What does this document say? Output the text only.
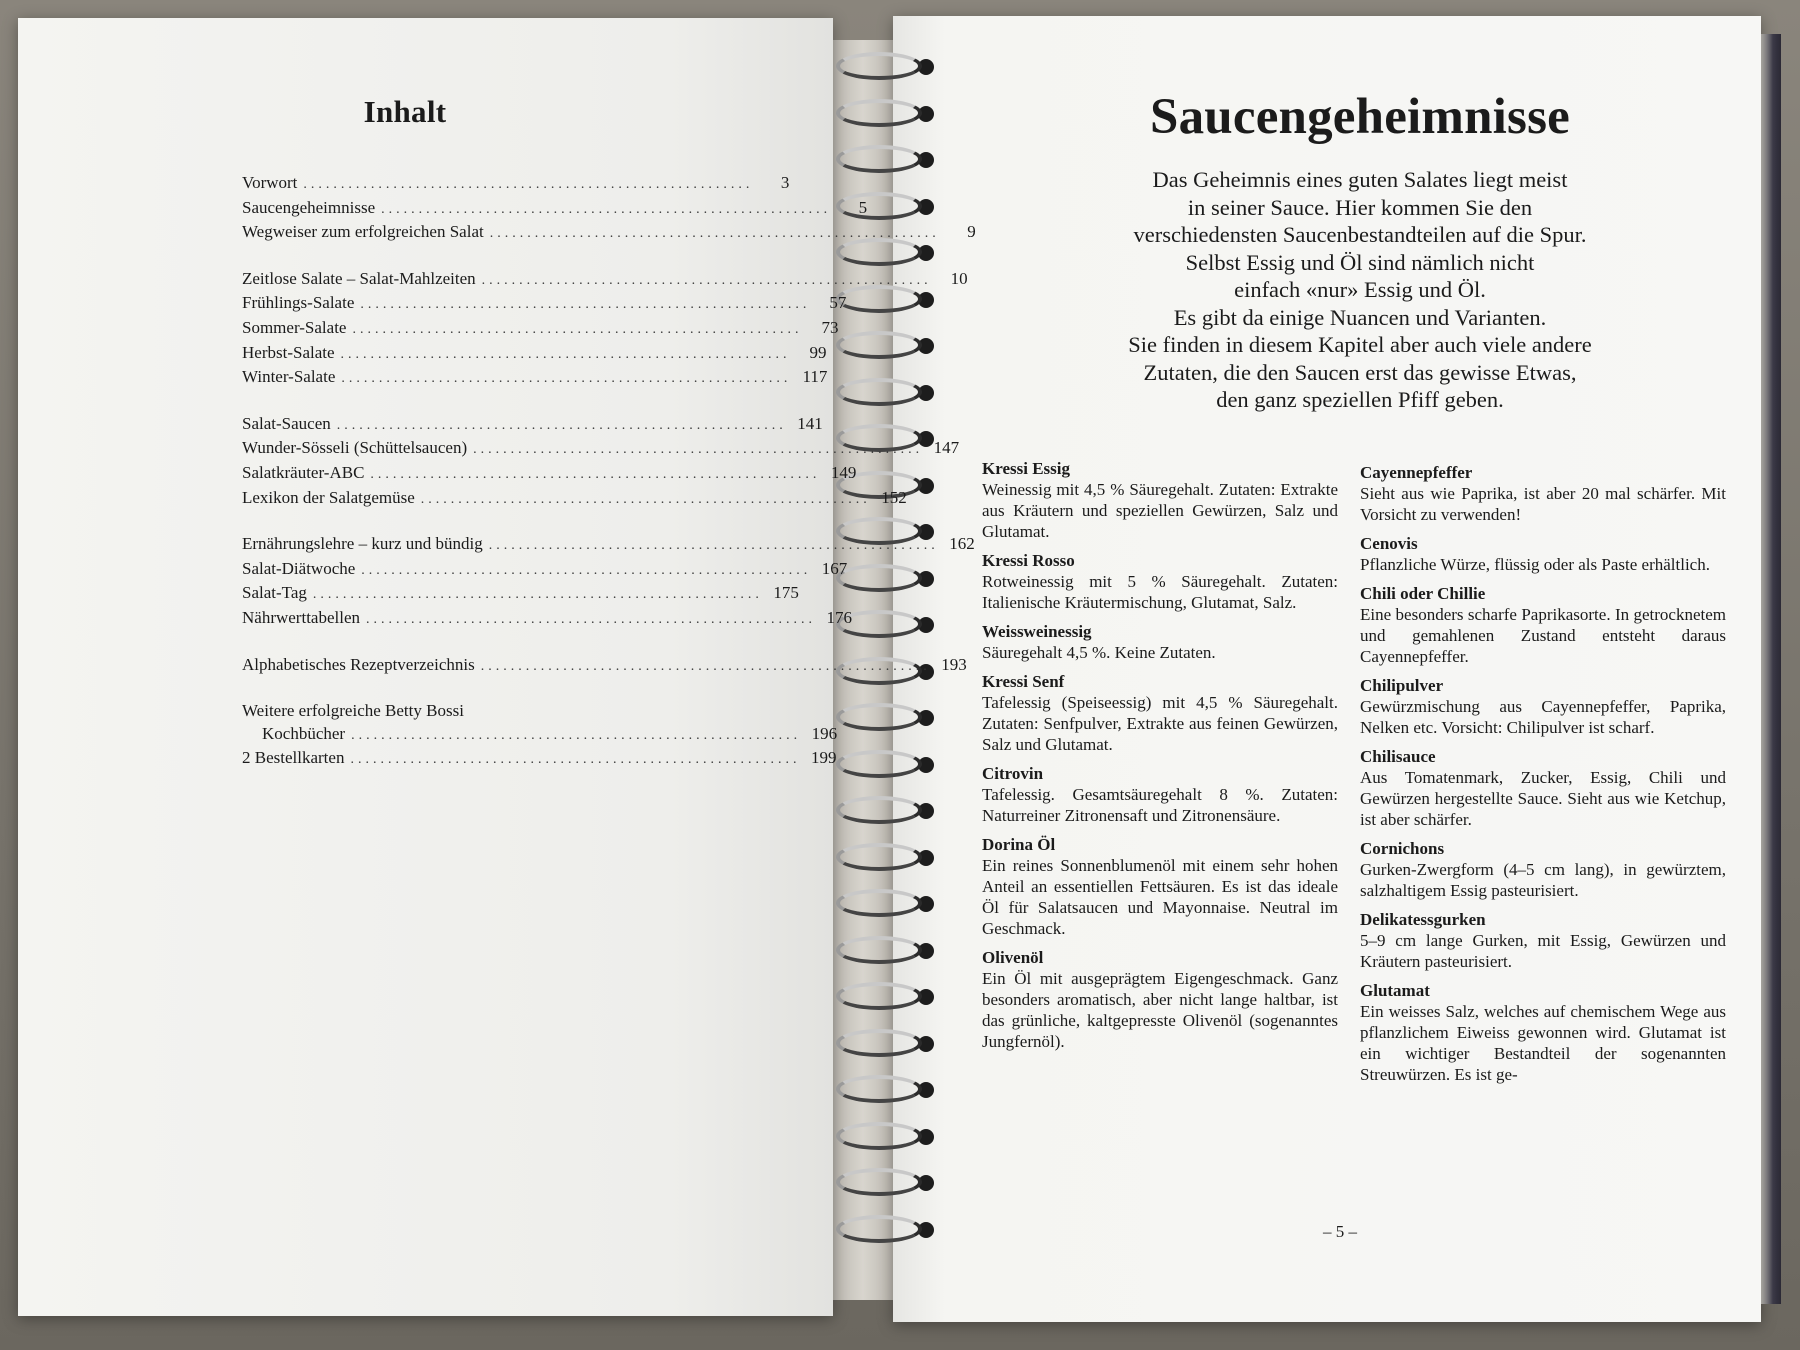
Inhalt
Vorwort ............................................................	3
Saucengeheimnisse ............................................................	5
Wegweiser zum erfolgreichen Salat ............................................................	9
Zeitlose Salate – Salat-Mahlzeiten ............................................................	10
Frühlings-Salate ............................................................	57
Sommer-Salate ............................................................	73
Herbst-Salate ............................................................	99
Winter-Salate ............................................................ 117
Salat-Saucen ............................................................ 141
Wunder-Sösseli (Schüttelsaucen) ............................................................ 147
Salatkräuter-ABC ............................................................ 149
Lexikon der Salatgemüse ............................................................ 152
Ernährungslehre – kurz und bündig ............................................................ 162
Salat-Diätwoche ............................................................ 167
Salat-Tag ............................................................ 175
Nährwerttabellen ............................................................ 176
Alphabetisches Rezeptverzeichnis ............................................................ 193
Weitere erfolgreiche Betty Bossi
Kochbücher ............................................................ 196
2 Bestellkarten ............................................................ 199
Saucengeheimnisse
Das Geheimnis eines guten Salates liegt meist
in seiner Sauce. Hier kommen Sie den
verschiedensten Saucenbestandteilen auf die Spur.
Selbst Essig und Öl sind nämlich nicht
einfach «nur» Essig und Öl.
Es gibt da einige Nuancen und Varianten.
Sie finden in diesem Kapitel aber auch viele andere
Zutaten, die den Saucen erst das gewisse Etwas,
den ganz speziellen Pfiff geben.
Kressi Essig
Weinessig mit 4,5 % Säuregehalt. Zutaten: Extrakte aus Kräutern und speziellen Gewürzen, Salz und Glutamat.
Kressi Rosso
Rotweinessig mit 5 % Säuregehalt. Zutaten: Italienische Kräutermischung, Glutamat, Salz.
Weissweinessig
Säuregehalt 4,5 %. Keine Zutaten.
Kressi Senf
Tafelessig (Speiseessig) mit 4,5 % Säuregehalt. Zutaten: Senfpulver, Extrakte aus feinen Gewürzen, Salz und Glutamat.
Citrovin
Tafelessig. Gesamtsäuregehalt 8 %. Zutaten: Naturreiner Zitronensaft und Zitronensäure.
Dorina Öl
Ein reines Sonnenblumenöl mit einem sehr hohen Anteil an essentiellen Fettsäuren. Es ist das ideale Öl für Salatsaucen und Mayonnaise. Neutral im Geschmack.
Olivenöl
Ein Öl mit ausgeprägtem Eigengeschmack. Ganz besonders aromatisch, aber nicht lange haltbar, ist das grünliche, kaltgepresste Olivenöl (sogenanntes Jungfernöl).
Cayennepfeffer
Sieht aus wie Paprika, ist aber 20 mal schärfer. Mit Vorsicht zu verwenden!
Cenovis
Pflanzliche Würze, flüssig oder als Paste erhältlich.
Chili oder Chillie
Eine besonders scharfe Paprikasorte. In getrocknetem und gemahlenen Zustand entsteht daraus Cayennepfeffer.
Chilipulver
Gewürzmischung aus Cayennepfeffer, Paprika, Nelken etc. Vorsicht: Chilipulver ist scharf.
Chilisauce
Aus Tomatenmark, Zucker, Essig, Chili und Gewürzen hergestellte Sauce. Sieht aus wie Ketchup, ist aber schärfer.
Cornichons
Gurken-Zwergform (4–5 cm lang), in gewürztem, salzhaltigem Essig pasteurisiert.
Delikatessgurken
5–9 cm lange Gurken, mit Essig, Gewürzen und Kräutern pasteurisiert.
Glutamat
Ein weisses Salz, welches auf chemischem Wege aus pflanzlichem Eiweiss gewonnen wird. Glutamat ist ein wichtiger Bestandteil der sogenannten Streuwürzen. Es ist ge-
– 5 –
